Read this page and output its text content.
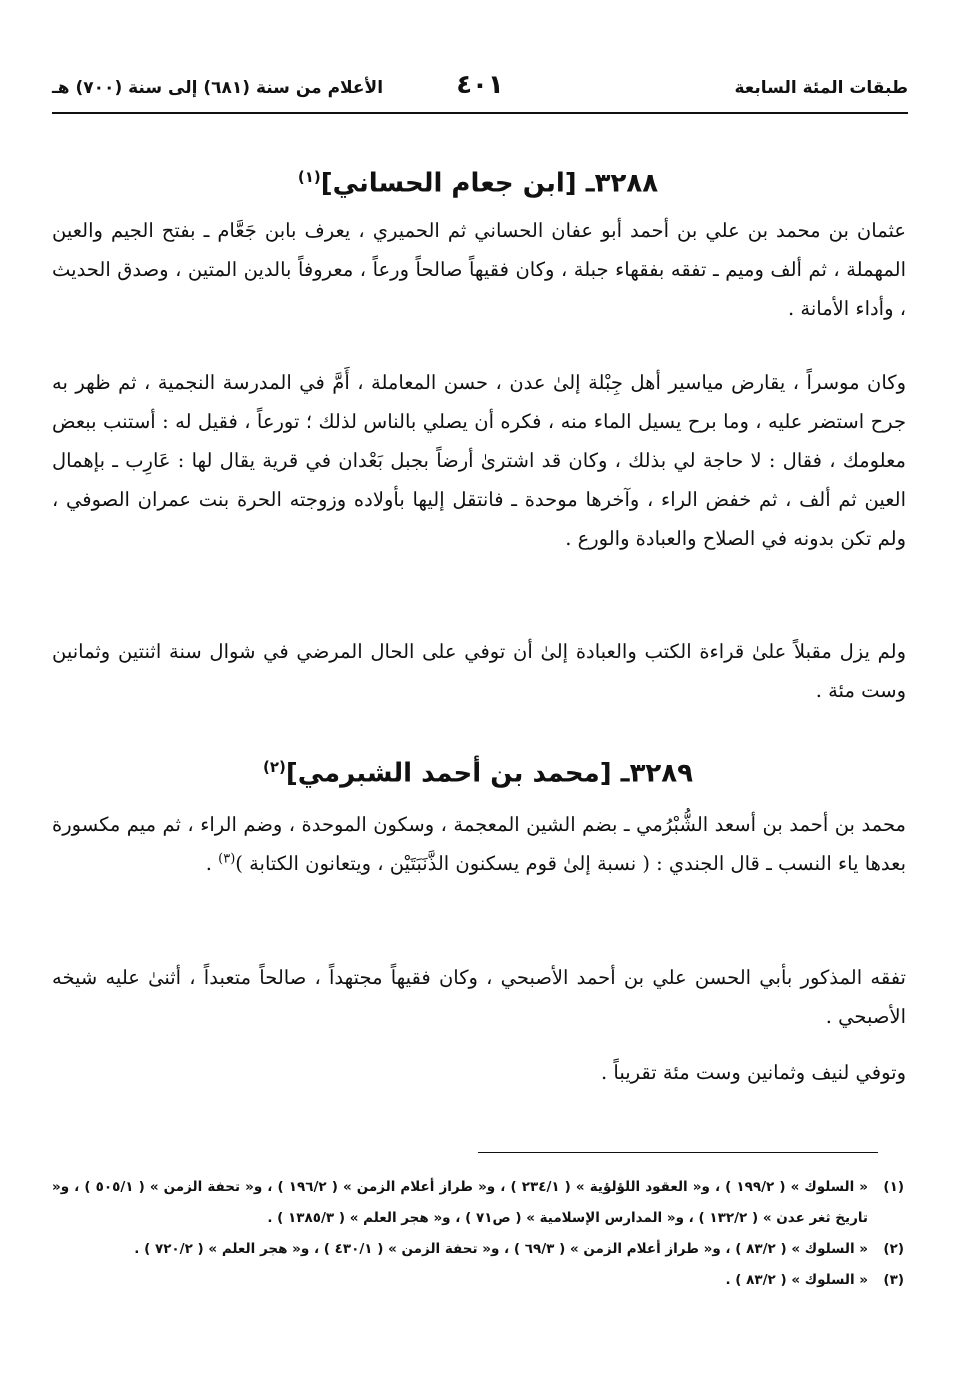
طبقات المئة السابعة
٤٠١
الأعلام من سنة (٦٨١) إلى سنة (٧٠٠) هـ
٣٢٨٨ـ [ابن جعام الحساني]$^{(١)}$

عثمان بن محمد بن علي بن أحمد أبو عفان الحساني ثم الحميري ، يعرف بابن جَعَّام ـ بفتح الجيم والعين المهملة ، ثم ألف وميم ـ تفقه بفقهاء جبلة ، وكان فقيهاً صالحاً ورعاً ، معروفاً بالدين المتين ، وصدق الحديث ، وأداء الأمانة .

وكان موسراً ، يقارض مياسير أهل جِبْلة إلىٰ عدن ، حسن المعاملة ، أَمَّ في المدرسة النجمية ، ثم ظهر به جرح استضر عليه ، وما برح يسيل الماء منه ، فكره أن يصلي بالناس لذلك ؛ تورعاً ، فقيل له : أستنب ببعض معلومك ، فقال : لا حاجة لي بذلك ، وكان قد اشترىٰ أرضاً بجبل بَعْدان في قرية يقال لها : عَارِب ـ بإهمال العين ثم ألف ، ثم خفض الراء ، وآخرها موحدة ـ فانتقل إليها بأولاده وزوجته الحرة بنت عمران الصوفي ، ولم تكن بدونه في الصلاح والعبادة والورع .

ولم يزل مقبلاً علىٰ قراءة الكتب والعبادة إلىٰ أن توفي على الحال المرضي في شوال سنة اثنتين وثمانين وست مئة .

٣٢٨٩ـ [محمد بن أحمد الشبرمي]$^{(٢)}$

محمد بن أحمد بن أسعد الشُّبْرُمي ـ بضم الشين المعجمة ، وسكون الموحدة ، وضم الراء ، ثم ميم مكسورة بعدها ياء النسب ـ قال الجندي : ( نسبة إلىٰ قوم يسكنون الذَّنَبَتَيْن ، ويتعانون الكتابة )$^{(٣)}$ .

تفقه المذكور بأبي الحسن علي بن أحمد الأصبحي ، وكان فقيهاً مجتهداً ، صالحاً متعبداً ، أثنىٰ عليه شيخه الأصبحي .

وتوفي لنيف وثمانين وست مئة تقريباً .

(١)
« السلوك » ( ١٩٩/٢ ) ، و« العقود اللؤلؤية » ( ٢٣٤/١ ) ، و« طراز أعلام الزمن » ( ١٩٦/٢ ) ، و« تحفة الزمن » ( ٥٠٥/١ ) ، و« تاريخ ثغر عدن » ( ١٣٢/٢ ) ، و« المدارس الإسلامية » ( ص٧١ ) ، و« هجر العلم » ( ١٣٨٥/٣ ) .
(٢)
« السلوك » ( ٨٣/٢ ) ، و« طراز أعلام الزمن » ( ٦٩/٣ ) ، و« تحفة الزمن » ( ٤٣٠/١ ) ، و« هجر العلم » ( ٧٢٠/٢ ) .
(٣)
« السلوك » ( ٨٣/٢ ) .
